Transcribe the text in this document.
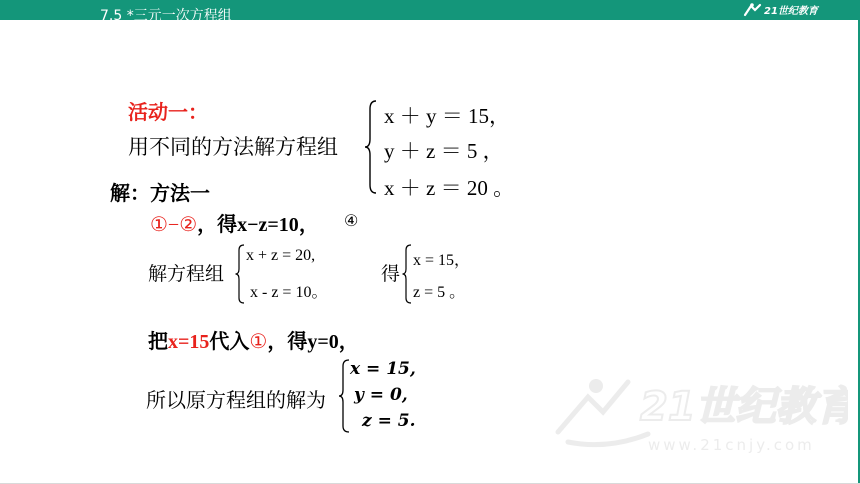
7.5 *三元一次方程组	21世纪教育
21世纪教育
www.21cnjy.com
活动一：
用不同的方法解方程组
x ＋ y ＝ 15，
y ＋ z ＝ 5 ，
x ＋ z ＝ 20 。
解：方法一
①−②，得x−z=10， ④
解方程组
x + z = 20,
x - z = 10。
得
x = 15，
z = 5 。
把x=15代入①，得y=0，
所以原方程组的解为
x = 15,
y = 0,
z = 5.
